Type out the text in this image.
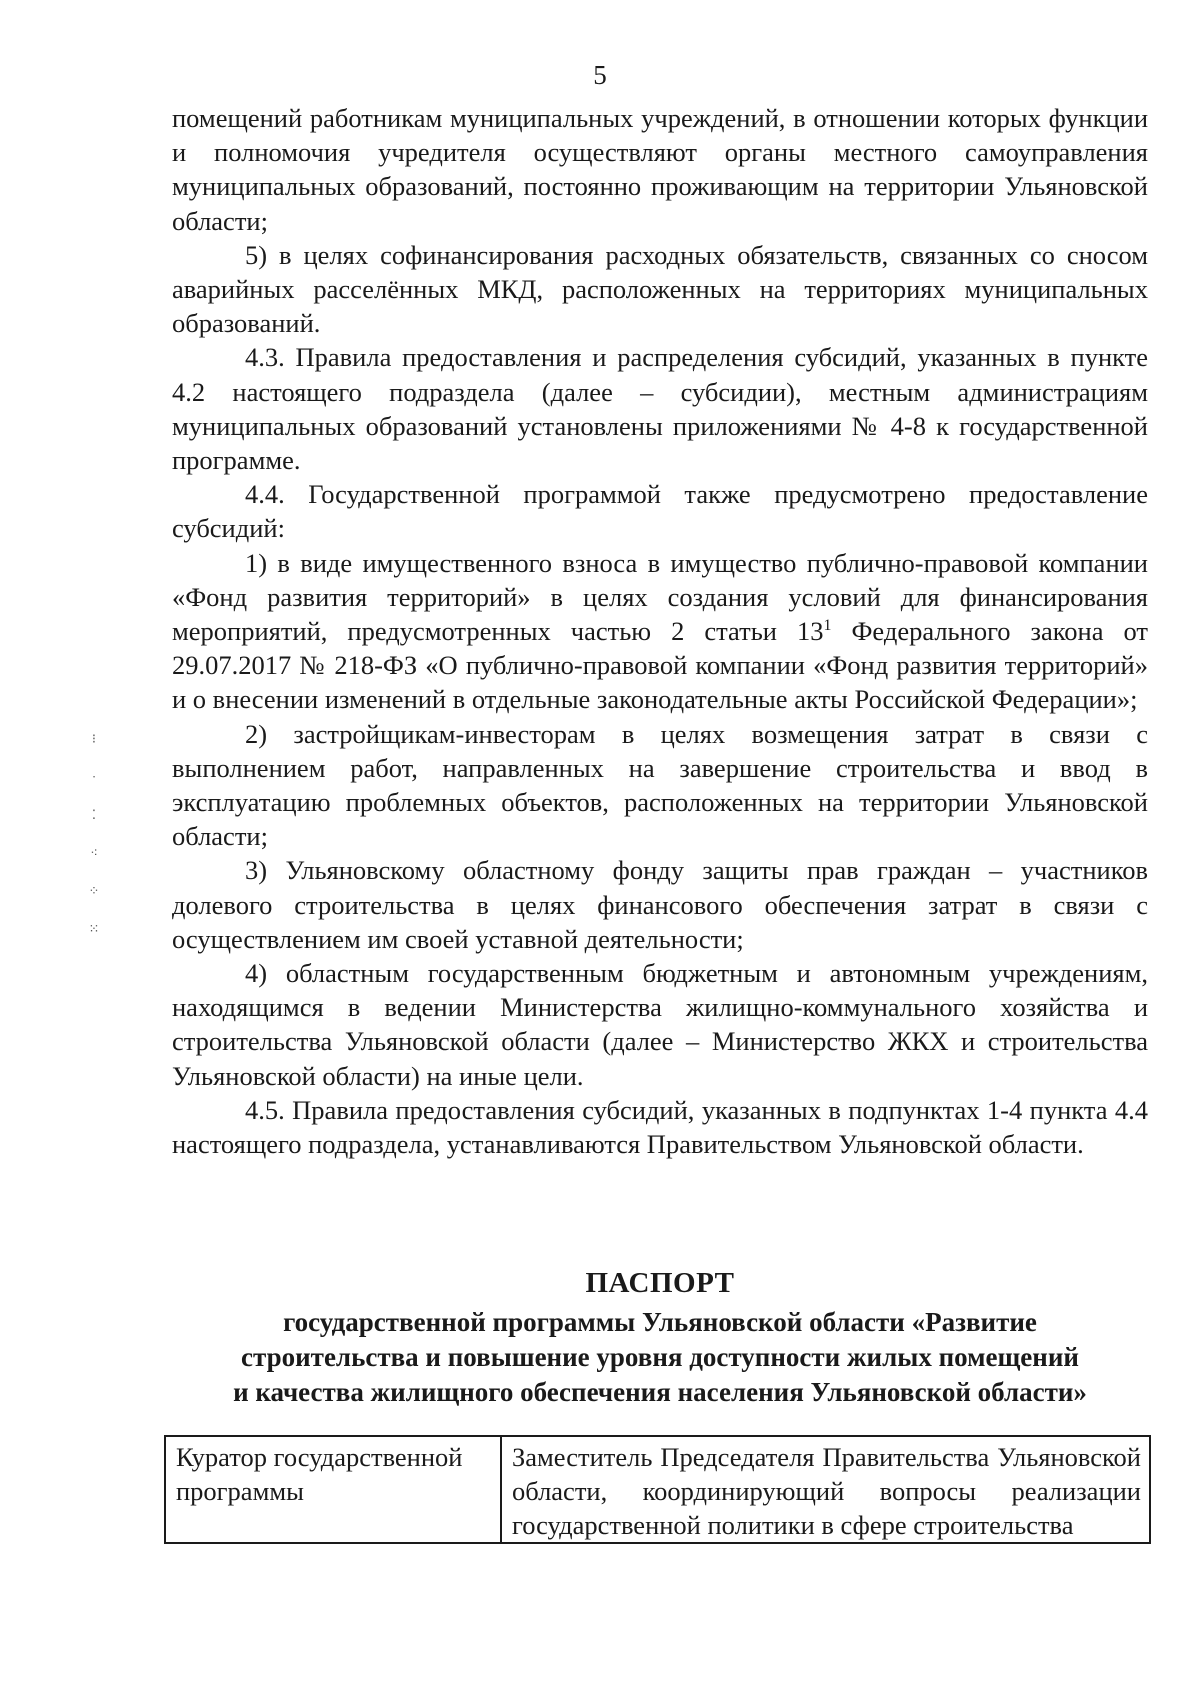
5

помещений работникам муниципальных учреждений, в отношении которых функции и полномочия учредителя осуществляют органы местного самоуправления муниципальных образований, постоянно проживающим на территории Ульяновской области;

5) в целях софинансирования расходных обязательств, связанных со сносом аварийных расселённых МКД, расположенных на территориях муниципальных образований.

4.3. Правила предоставления и распределения субсидий, указанных в пункте 4.2 настоящего подраздела (далее – субсидии), местным администрациям муниципальных образований установлены приложениями № 4-8 к государственной программе.

4.4. Государственной программой также предусмотрено предоставление субсидий:

1) в виде имущественного взноса в имущество публично-правовой компании «Фонд развития территорий» в целях создания условий для финансирования мероприятий, предусмотренных частью 2 статьи $13^1$ Федерального закона от 29.07.2017 № 218-ФЗ «О публично-правовой компании «Фонд развития территорий» и о внесении изменений в отдельные законодательные акты Российской Федерации»;

2) застройщикам-инвесторам в целях возмещения затрат в связи с выполнением работ, направленных на завершение строительства и ввод в эксплуатацию проблемных объектов, расположенных на территории Ульяновской области;

3) Ульяновскому областному фонду защиты прав граждан – участников долевого строительства в целях финансового обеспечения затрат в связи с осуществлением им своей уставной деятельности;

4) областным государственным бюджетным и автономным учреждениям, находящимся в ведении Министерства жилищно-коммунального хозяйства и строительства Ульяновской области (далее – Министерство ЖКХ и строительства Ульяновской области) на иные цели.

4.5. Правила предоставления субсидий, указанных в подпунктах 1-4 пункта 4.4 настоящего подраздела, устанавливаются Правительством Ульяновской области.

ПАСПОРТ
государственной программы Ульяновской области «Развитие
строительства и повышение уровня доступности жилых помещений
и качества жилищного обеспечения населения Ульяновской области»
Куратор государственной программы	Заместитель Председателя Правительства Ульяновской области, координирующий вопросы реализации государственной политики в сфере строительства
⁝
·
⁚
⁖
⁘
⁙
